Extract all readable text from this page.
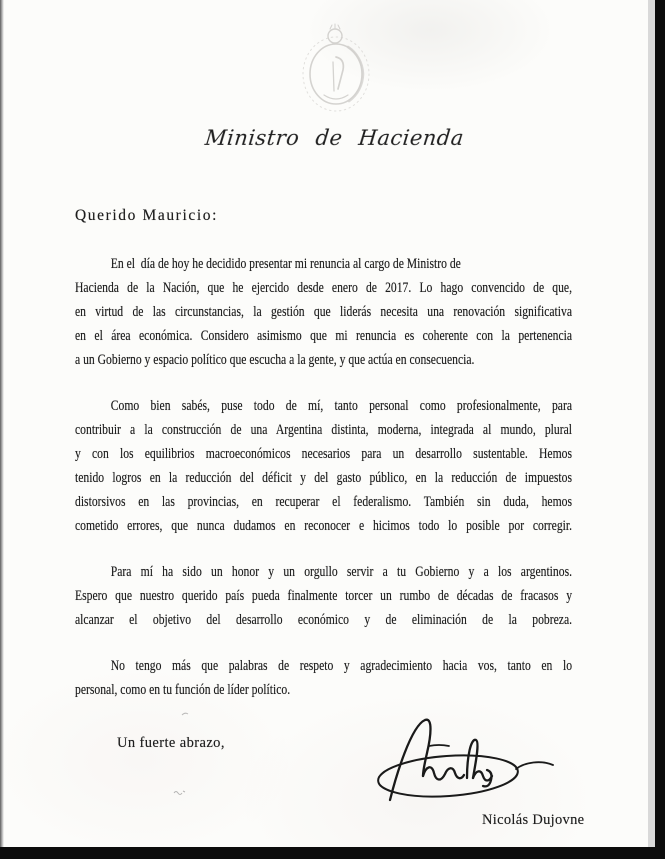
Ministro de Hacienda
Querido Mauricio:
En el  día de hoy he decidido presentar mi renuncia al cargo de Ministro de
Hacienda de la Nación, que he ejercido desde enero de 2017. Lo hago convencido de que,
en virtud de las circunstancias, la gestión que liderás necesita una renovación significativa
en el área económica. Considero asimismo que mi renuncia es coherente con la pertenencia
a un Gobierno y espacio político que escucha a la gente, y que actúa en consecuencia.
Como bien sabés, puse todo de mí, tanto personal como profesionalmente, para
contribuir a la construcción de una Argentina distinta, moderna, integrada al mundo, plural
y con los equilibrios macroeconómicos necesarios para un desarrollo sustentable. Hemos
tenido logros en la reducción del déficit y del gasto público, en la reducción de impuestos
distorsivos en las provincias, en recuperar el federalismo. También sin duda, hemos
cometido errores, que nunca dudamos en reconocer e hicimos todo lo posible por corregir.
Para mí ha sido un honor y un orgullo servir a tu Gobierno y a los argentinos.
Espero que nuestro querido país pueda finalmente torcer un rumbo de décadas de fracasos y
alcanzar el objetivo del desarrollo económico y de eliminación de la pobreza.
No tengo más que palabras de respeto y agradecimiento hacia vos, tanto en lo
personal, como en tu función de líder político.
Un fuerte abrazo,
Nicolás Dujovne
